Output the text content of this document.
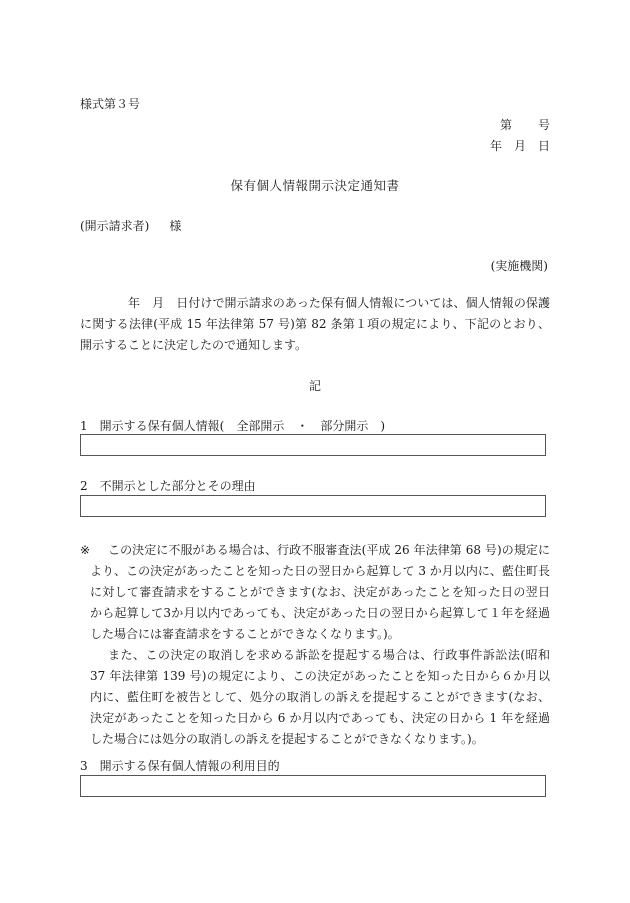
様式第３号
第 号
年 月 日
保有個人情報開示決定通知書
(開示請求者) 様
(実施機関)
年　月　日付けで開示請求のあった保有個人情報については、個人情報の保護に関する法律(平成 15 年法律第 57 号)第 82 条第１項の規定により、下記のとおり、開示することに決定したので通知します。
記
1　開示する保有個人情報(　全部開示　・　部分開示　)
2　不開示とした部分とその理由
※	この決定に不服がある場合は、行政不服審査法(平成 26 年法律第 68 号)の規定により、この決定があったことを知った日の翌日から起算して 3 か月以内に、藍住町長に対して審査請求をすることができます(なお、決定があったことを知った日の翌日から起算して3か月以内であっても、決定があった日の翌日から起算して１年を経過した場合には審査請求をすることができなくなります。)。

また、この決定の取消しを求める訴訟を提起する場合は、行政事件訴訟法(昭和 37 年法律第 139 号)の規定により、この決定があったことを知った日から６か月以内に、藍住町を被告として、処分の取消しの訴えを提起することができます(なお、決定があったことを知った日から 6 か月以内であっても、決定の日から 1 年を経過した場合には処分の取消しの訴えを提起することができなくなります。)。

3　開示する保有個人情報の利用目的
